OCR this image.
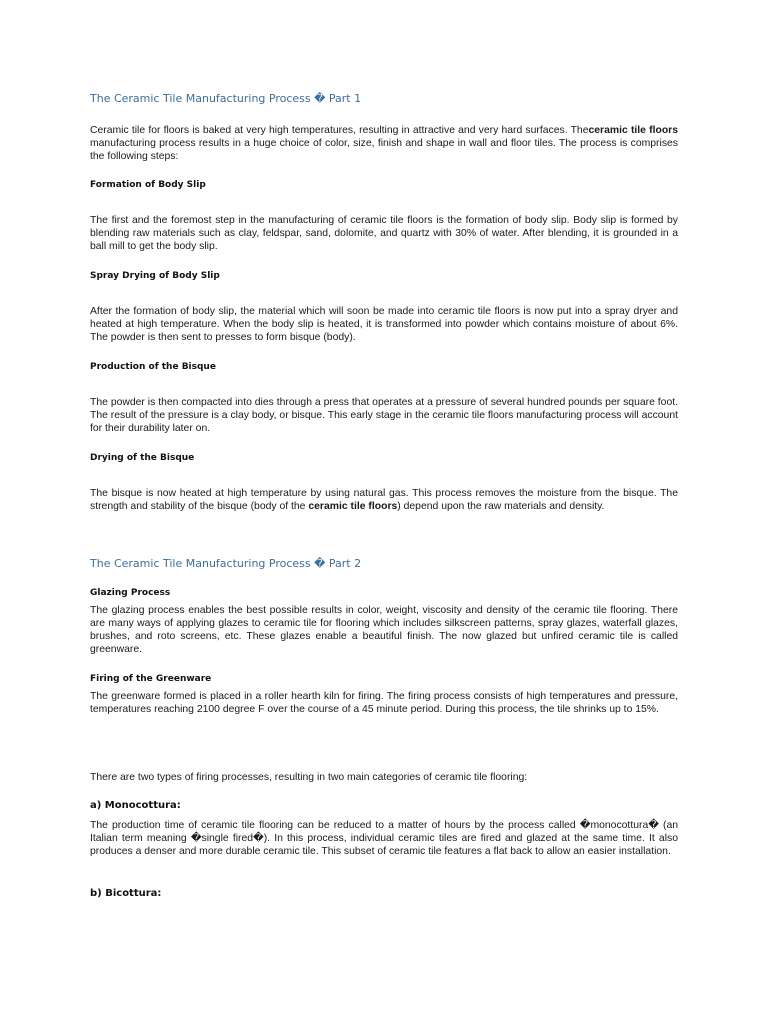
The Ceramic Tile Manufacturing Process � Part 1

Ceramic tile for floors is baked at very high temperatures, resulting in attractive and very hard surfaces. Theceramic tile floors manufacturing process results in a huge choice of color, size, finish and shape in wall and floor tiles. The process is comprises the following steps:

Formation of Body Slip

The first and the foremost step in the manufacturing of ceramic tile floors is the formation of body slip. Body slip is formed by blending raw materials such as clay, feldspar, sand, dolomite, and quartz with 30% of water. After blending, it is grounded in a ball mill to get the body slip.

Spray Drying of Body Slip

After the formation of body slip, the material which will soon be made into ceramic tile floors is now put into a spray dryer and heated at high temperature. When the body slip is heated, it is transformed into powder which contains moisture of about 6%. The powder is then sent to presses to form bisque (body).

Production of the Bisque

The powder is then compacted into dies through a press that operates at a pressure of several hundred pounds per square foot. The result of the pressure is a clay body, or bisque. This early stage in the ceramic tile floors manufacturing process will account for their durability later on.

Drying of the Bisque

The bisque is now heated at high temperature by using natural gas. This process removes the moisture from the bisque. The strength and stability of the bisque (body of the ceramic tile floors) depend upon the raw materials and density.

The Ceramic Tile Manufacturing Process � Part 2

Glazing Process

The glazing process enables the best possible results in color, weight, viscosity and density of the ceramic tile flooring. There are many ways of applying glazes to ceramic tile for flooring which includes silkscreen patterns, spray glazes, waterfall glazes, brushes, and roto screens, etc. These glazes enable a beautiful finish. The now glazed but unfired ceramic tile is called greenware.

Firing of the Greenware

The greenware formed is placed in a roller hearth kiln for firing. The firing process consists of high temperatures and pressure, temperatures reaching 2100 degree F over the course of a 45 minute period. During this process, the tile shrinks up to 15%.

There are two types of firing processes, resulting in two main categories of ceramic tile flooring:

a) Monocottura:

The production time of ceramic tile flooring can be reduced to a matter of hours by the process called �monocottura� (an Italian term meaning �single fired�). In this process, individual ceramic tiles are fired and glazed at the same time. It also produces a denser and more durable ceramic tile. This subset of ceramic tile features a flat back to allow an easier installation.

b) Bicottura:
